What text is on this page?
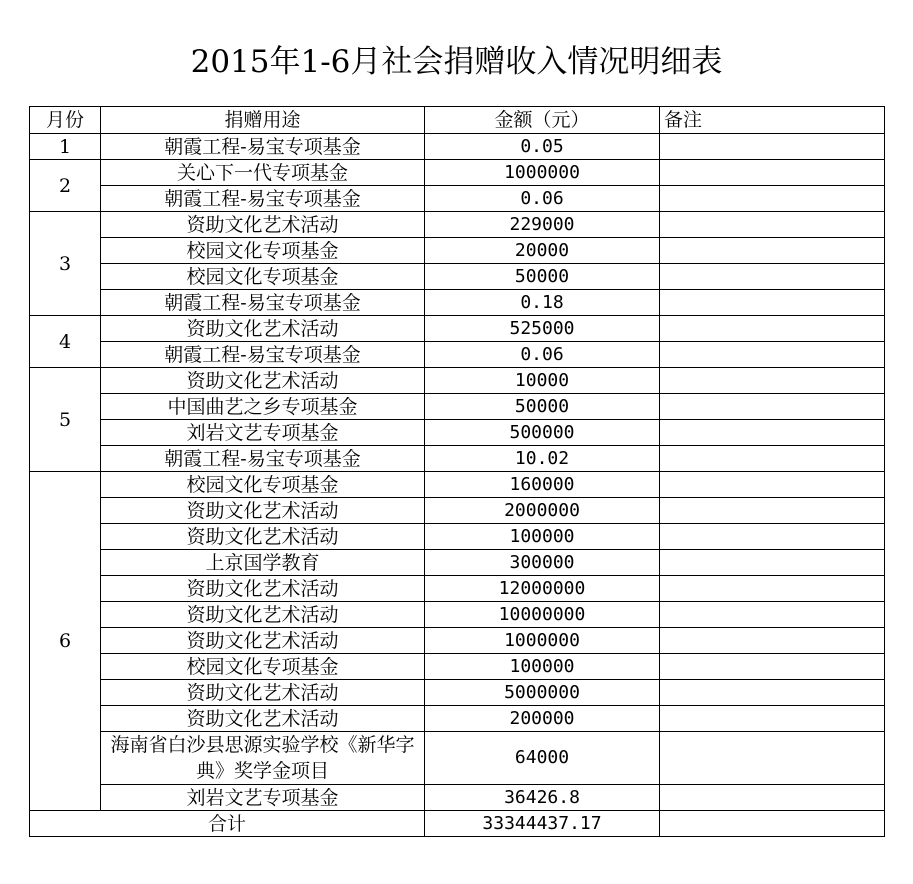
2015年1-6月社会捐赠收入情况明细表
月份	捐赠用途	金额（元）	备注
1	朝霞工程-易宝专项基金	0.05	
2	关心下一代专项基金	1000000	
	朝霞工程-易宝专项基金	0.06	
3	资助文化艺术活动	229000	
	校园文化专项基金	20000	
	校园文化专项基金	50000	
	朝霞工程-易宝专项基金	0.18	
4	资助文化艺术活动	525000	
	朝霞工程-易宝专项基金	0.06	
5	资助文化艺术活动	10000	
	中国曲艺之乡专项基金	50000	
	刘岩文艺专项基金	500000	
	朝霞工程-易宝专项基金	10.02	
6	校园文化专项基金	160000	
	资助文化艺术活动	2000000	
	资助文化艺术活动	100000	
	上京国学教育	300000	
	资助文化艺术活动	12000000	
	资助文化艺术活动	10000000	
	资助文化艺术活动	1000000	
	校园文化专项基金	100000	
	资助文化艺术活动	5000000	
	资助文化艺术活动	200000	
	海南省白沙县思源实验学校《新华字典》奖学金项目	64000	
	刘岩文艺专项基金	36426.8	
合计		33344437.17	
